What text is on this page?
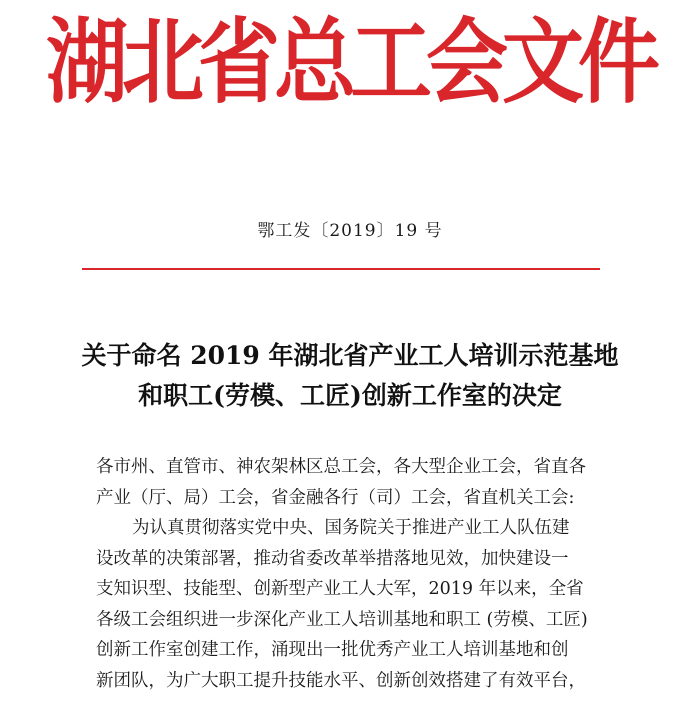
湖北省总工会文件
鄂工发〔2019〕19 号
关于命名 2019 年湖北省产业工人培训示范基地
和职工(劳模、工匠)创新工作室的决定
各市州、直管市、神农架林区总工会，各大型企业工会，省直各
产业（厅、局）工会，省金融各行（司）工会，省直机关工会:
为认真贯彻落实党中央、国务院关于推进产业工人队伍建
设改革的决策部署，推动省委改革举措落地见效，加快建设一
支知识型、技能型、创新型产业工人大军，2019 年以来，全省
各级工会组织进一步深化产业工人培训基地和职工 (劳模、工匠)
创新工作室创建工作，涌现出一批优秀产业工人培训基地和创
新团队，为广大职工提升技能水平、创新创效搭建了有效平台，
